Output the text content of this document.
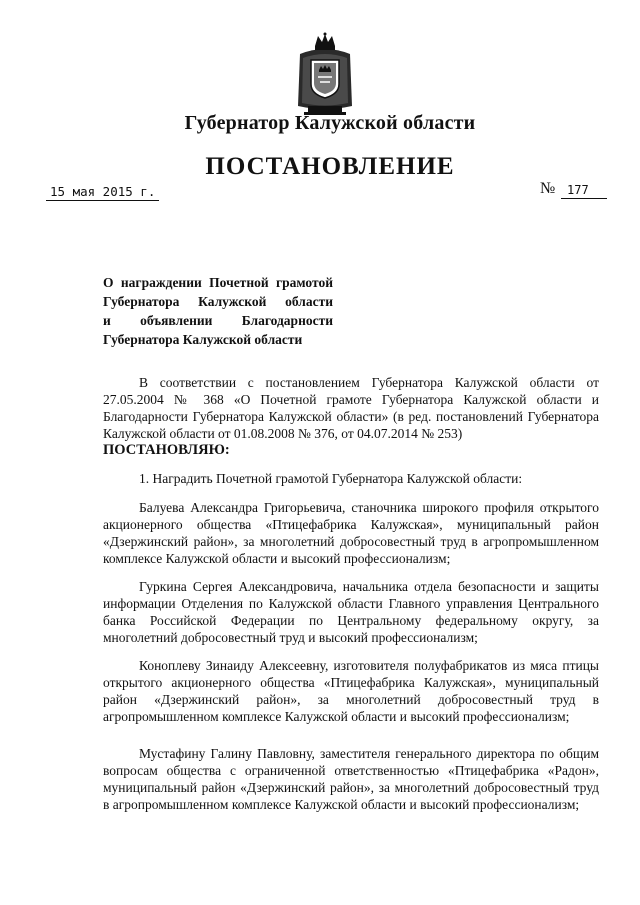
Губернатор Калужской области
ПОСТАНОВЛЕНИЕ
15 мая 2015 г.	№ 177
О награждении Почетной грамотой
Губернатора Калужской области
и объявлении Благодарности
Губернатора Калужской области
В соответствии с постановлением Губернатора Калужской области от 27.05.2004 № 368 «О Почетной грамоте Губернатора Калужской области и Благодарности Губернатора Калужской области» (в ред. постановлений Губернатора Калужской области от 01.08.2008 № 376, от 04.07.2014 № 253)
ПОСТАНОВЛЯЮ:
1. Наградить Почетной грамотой Губернатора Калужской области:
Балуева Александра Григорьевича, станочника широкого профиля открытого акционерного общества «Птицефабрика Калужская», муниципальный район «Дзержинский район», за многолетний добросовестный труд в агропромышленном комплексе Калужской области и высокий профессионализм;
Гуркина Сергея Александровича, начальника отдела безопасности и защиты информации Отделения по Калужской области Главного управления Центрального банка Российской Федерации по Центральному федеральному округу, за многолетний добросовестный труд и высокий профессионализм;
Коноплеву Зинаиду Алексеевну, изготовителя полуфабрикатов из мяса птицы открытого акционерного общества «Птицефабрика Калужская», муниципальный район «Дзержинский район», за многолетний добросовестный труд в агропромышленном комплексе Калужской области и высокий профессионализм;
Мустафину Галину Павловну, заместителя генерального директора по общим вопросам общества с ограниченной ответственностью «Птицефабрика «Радон», муниципальный район «Дзержинский район», за многолетний добросовестный труд в агропромышленном комплексе Калужской области и высокий профессионализм;
